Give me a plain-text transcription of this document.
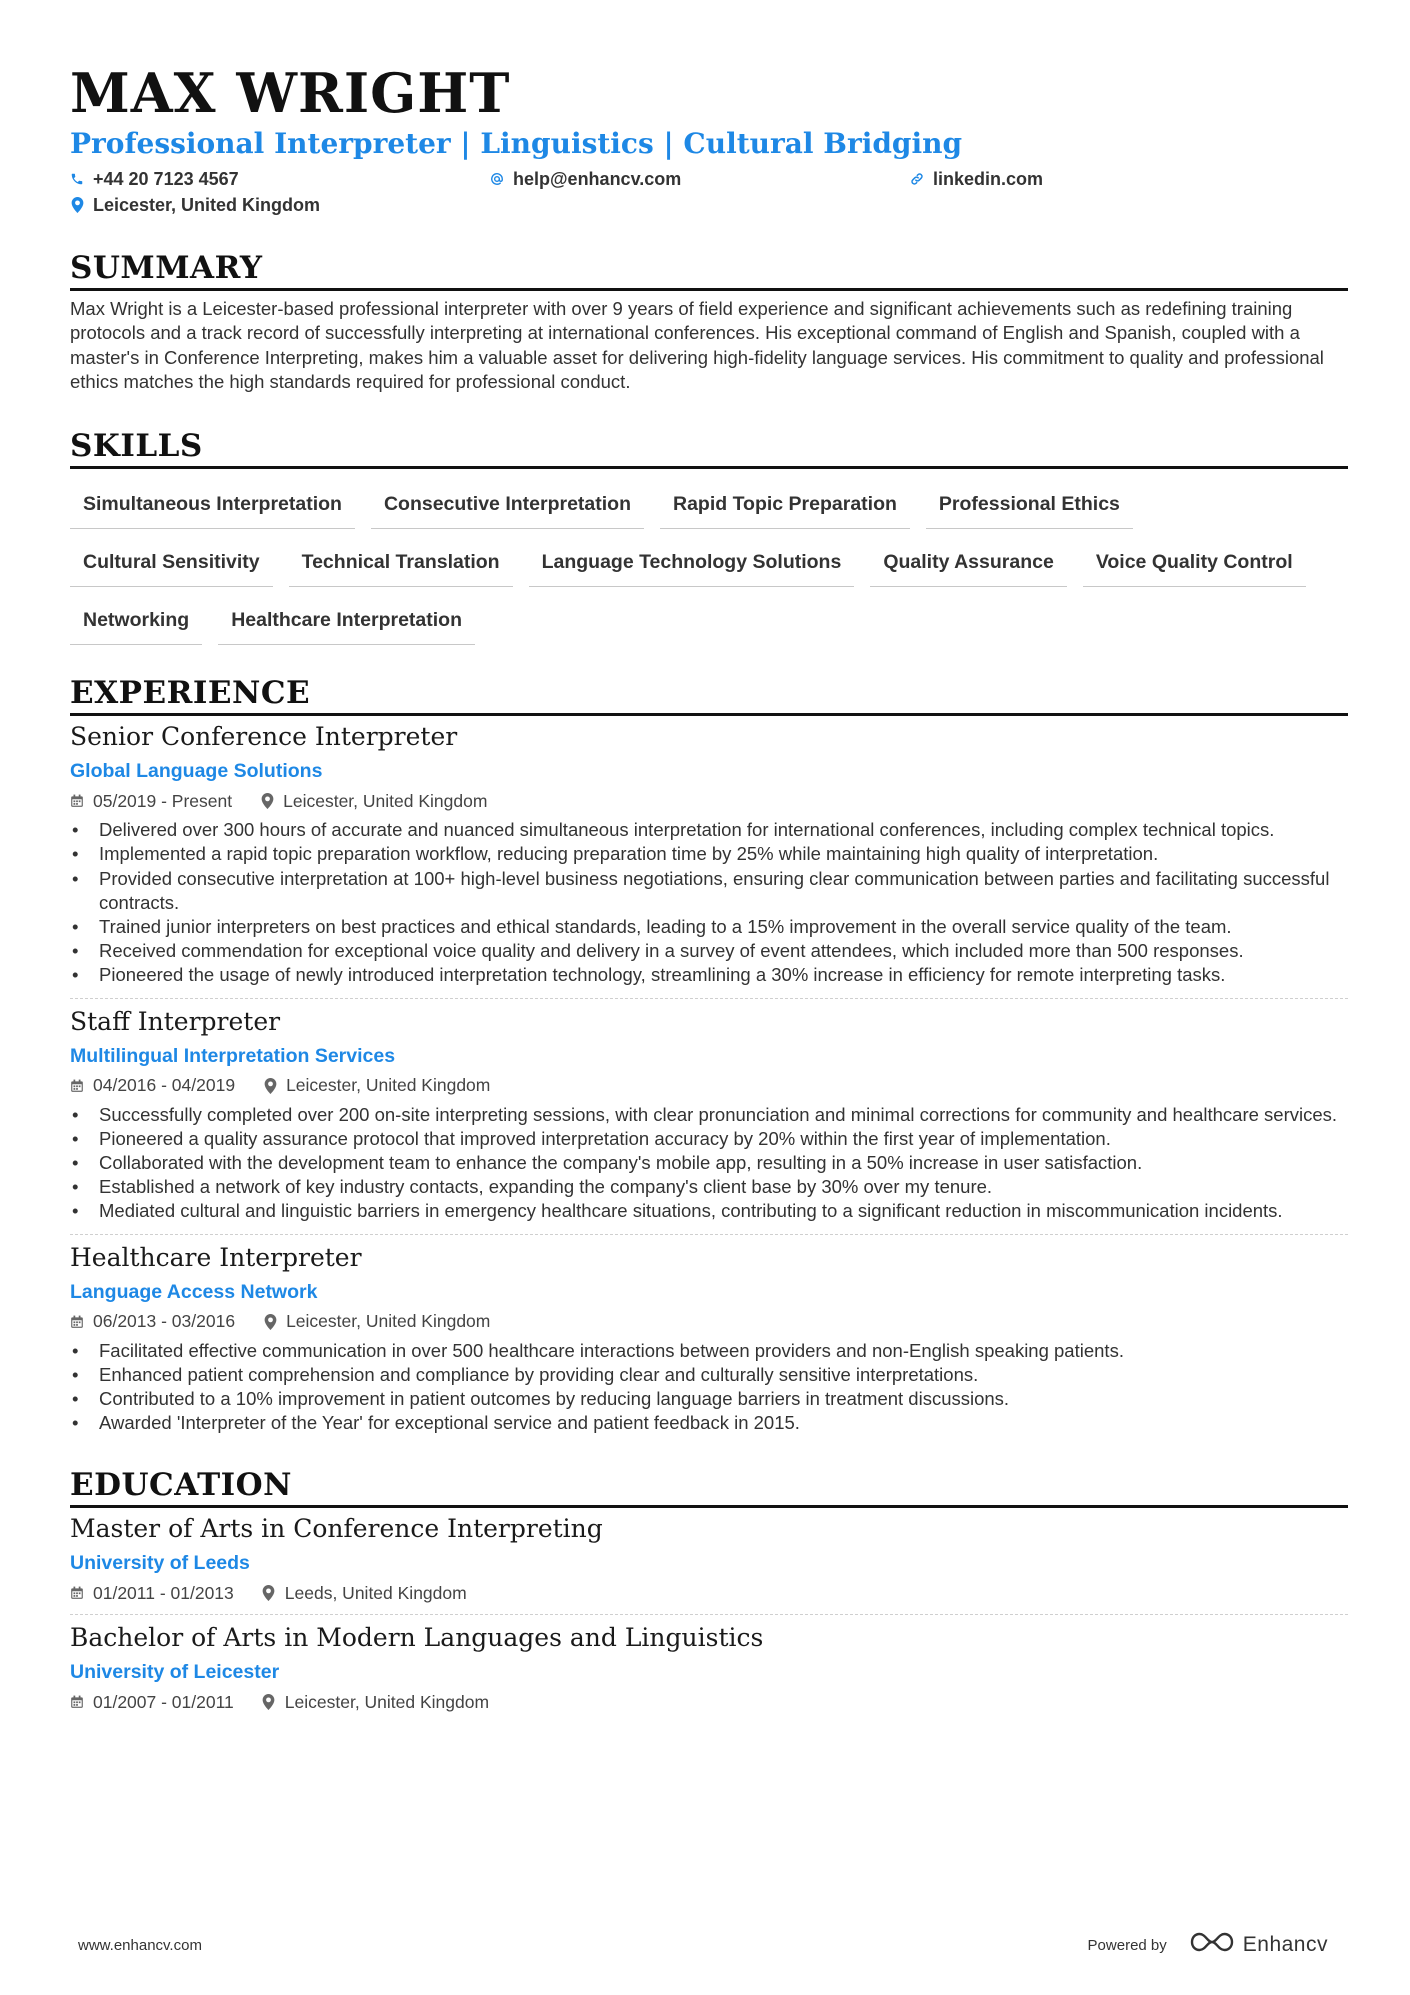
MAX WRIGHT
Professional Interpreter | Linguistics | Cultural Bridging
+44 20 7123 4567	help@enhancv.com	linkedin.com
Leicester, United Kingdom
SUMMARY

Max Wright is a Leicester-based professional interpreter with over 9 years of field experience and significant achievements such as redefining training protocols and a track record of successfully interpreting at international conferences. His exceptional command of English and Spanish, coupled with a master's in Conference Interpreting, makes him a valuable asset for delivering high-fidelity language services. His commitment to quality and professional ethics matches the high standards required for professional conduct.

SKILLS
Simultaneous Interpretation	Consecutive Interpretation	Rapid Topic Preparation	Professional Ethics
Cultural Sensitivity	Technical Translation	Language Technology Solutions	Quality Assurance	Voice Quality Control
Networking	Healthcare Interpretation
EXPERIENCE
Senior Conference Interpreter
Global Language Solutions
05/2019 - Present	Leicester, United Kingdom
• Delivered over 300 hours of accurate and nuanced simultaneous interpretation for international conferences, including complex technical topics.
• Implemented a rapid topic preparation workflow, reducing preparation time by 25% while maintaining high quality of interpretation.
• Provided consecutive interpretation at 100+ high-level business negotiations, ensuring clear communication between parties and facilitating successful contracts.
• Trained junior interpreters on best practices and ethical standards, leading to a 15% improvement in the overall service quality of the team.
• Received commendation for exceptional voice quality and delivery in a survey of event attendees, which included more than 500 responses.
• Pioneered the usage of newly introduced interpretation technology, streamlining a 30% increase in efficiency for remote interpreting tasks.
Staff Interpreter
Multilingual Interpretation Services
04/2016 - 04/2019	Leicester, United Kingdom
• Successfully completed over 200 on-site interpreting sessions, with clear pronunciation and minimal corrections for community and healthcare services.
• Pioneered a quality assurance protocol that improved interpretation accuracy by 20% within the first year of implementation.
• Collaborated with the development team to enhance the company's mobile app, resulting in a 50% increase in user satisfaction.
• Established a network of key industry contacts, expanding the company's client base by 30% over my tenure.
• Mediated cultural and linguistic barriers in emergency healthcare situations, contributing to a significant reduction in miscommunication incidents.
Healthcare Interpreter
Language Access Network
06/2013 - 03/2016	Leicester, United Kingdom
• Facilitated effective communication in over 500 healthcare interactions between providers and non-English speaking patients.
• Enhanced patient comprehension and compliance by providing clear and culturally sensitive interpretations.
• Contributed to a 10% improvement in patient outcomes by reducing language barriers in treatment discussions.
• Awarded 'Interpreter of the Year' for exceptional service and patient feedback in 2015.
EDUCATION
Master of Arts in Conference Interpreting
University of Leeds
01/2011 - 01/2013	Leeds, United Kingdom
Bachelor of Arts in Modern Languages and Linguistics
University of Leicester
01/2007 - 01/2011	Leicester, United Kingdom
www.enhancv.com	Powered by	Enhancv
